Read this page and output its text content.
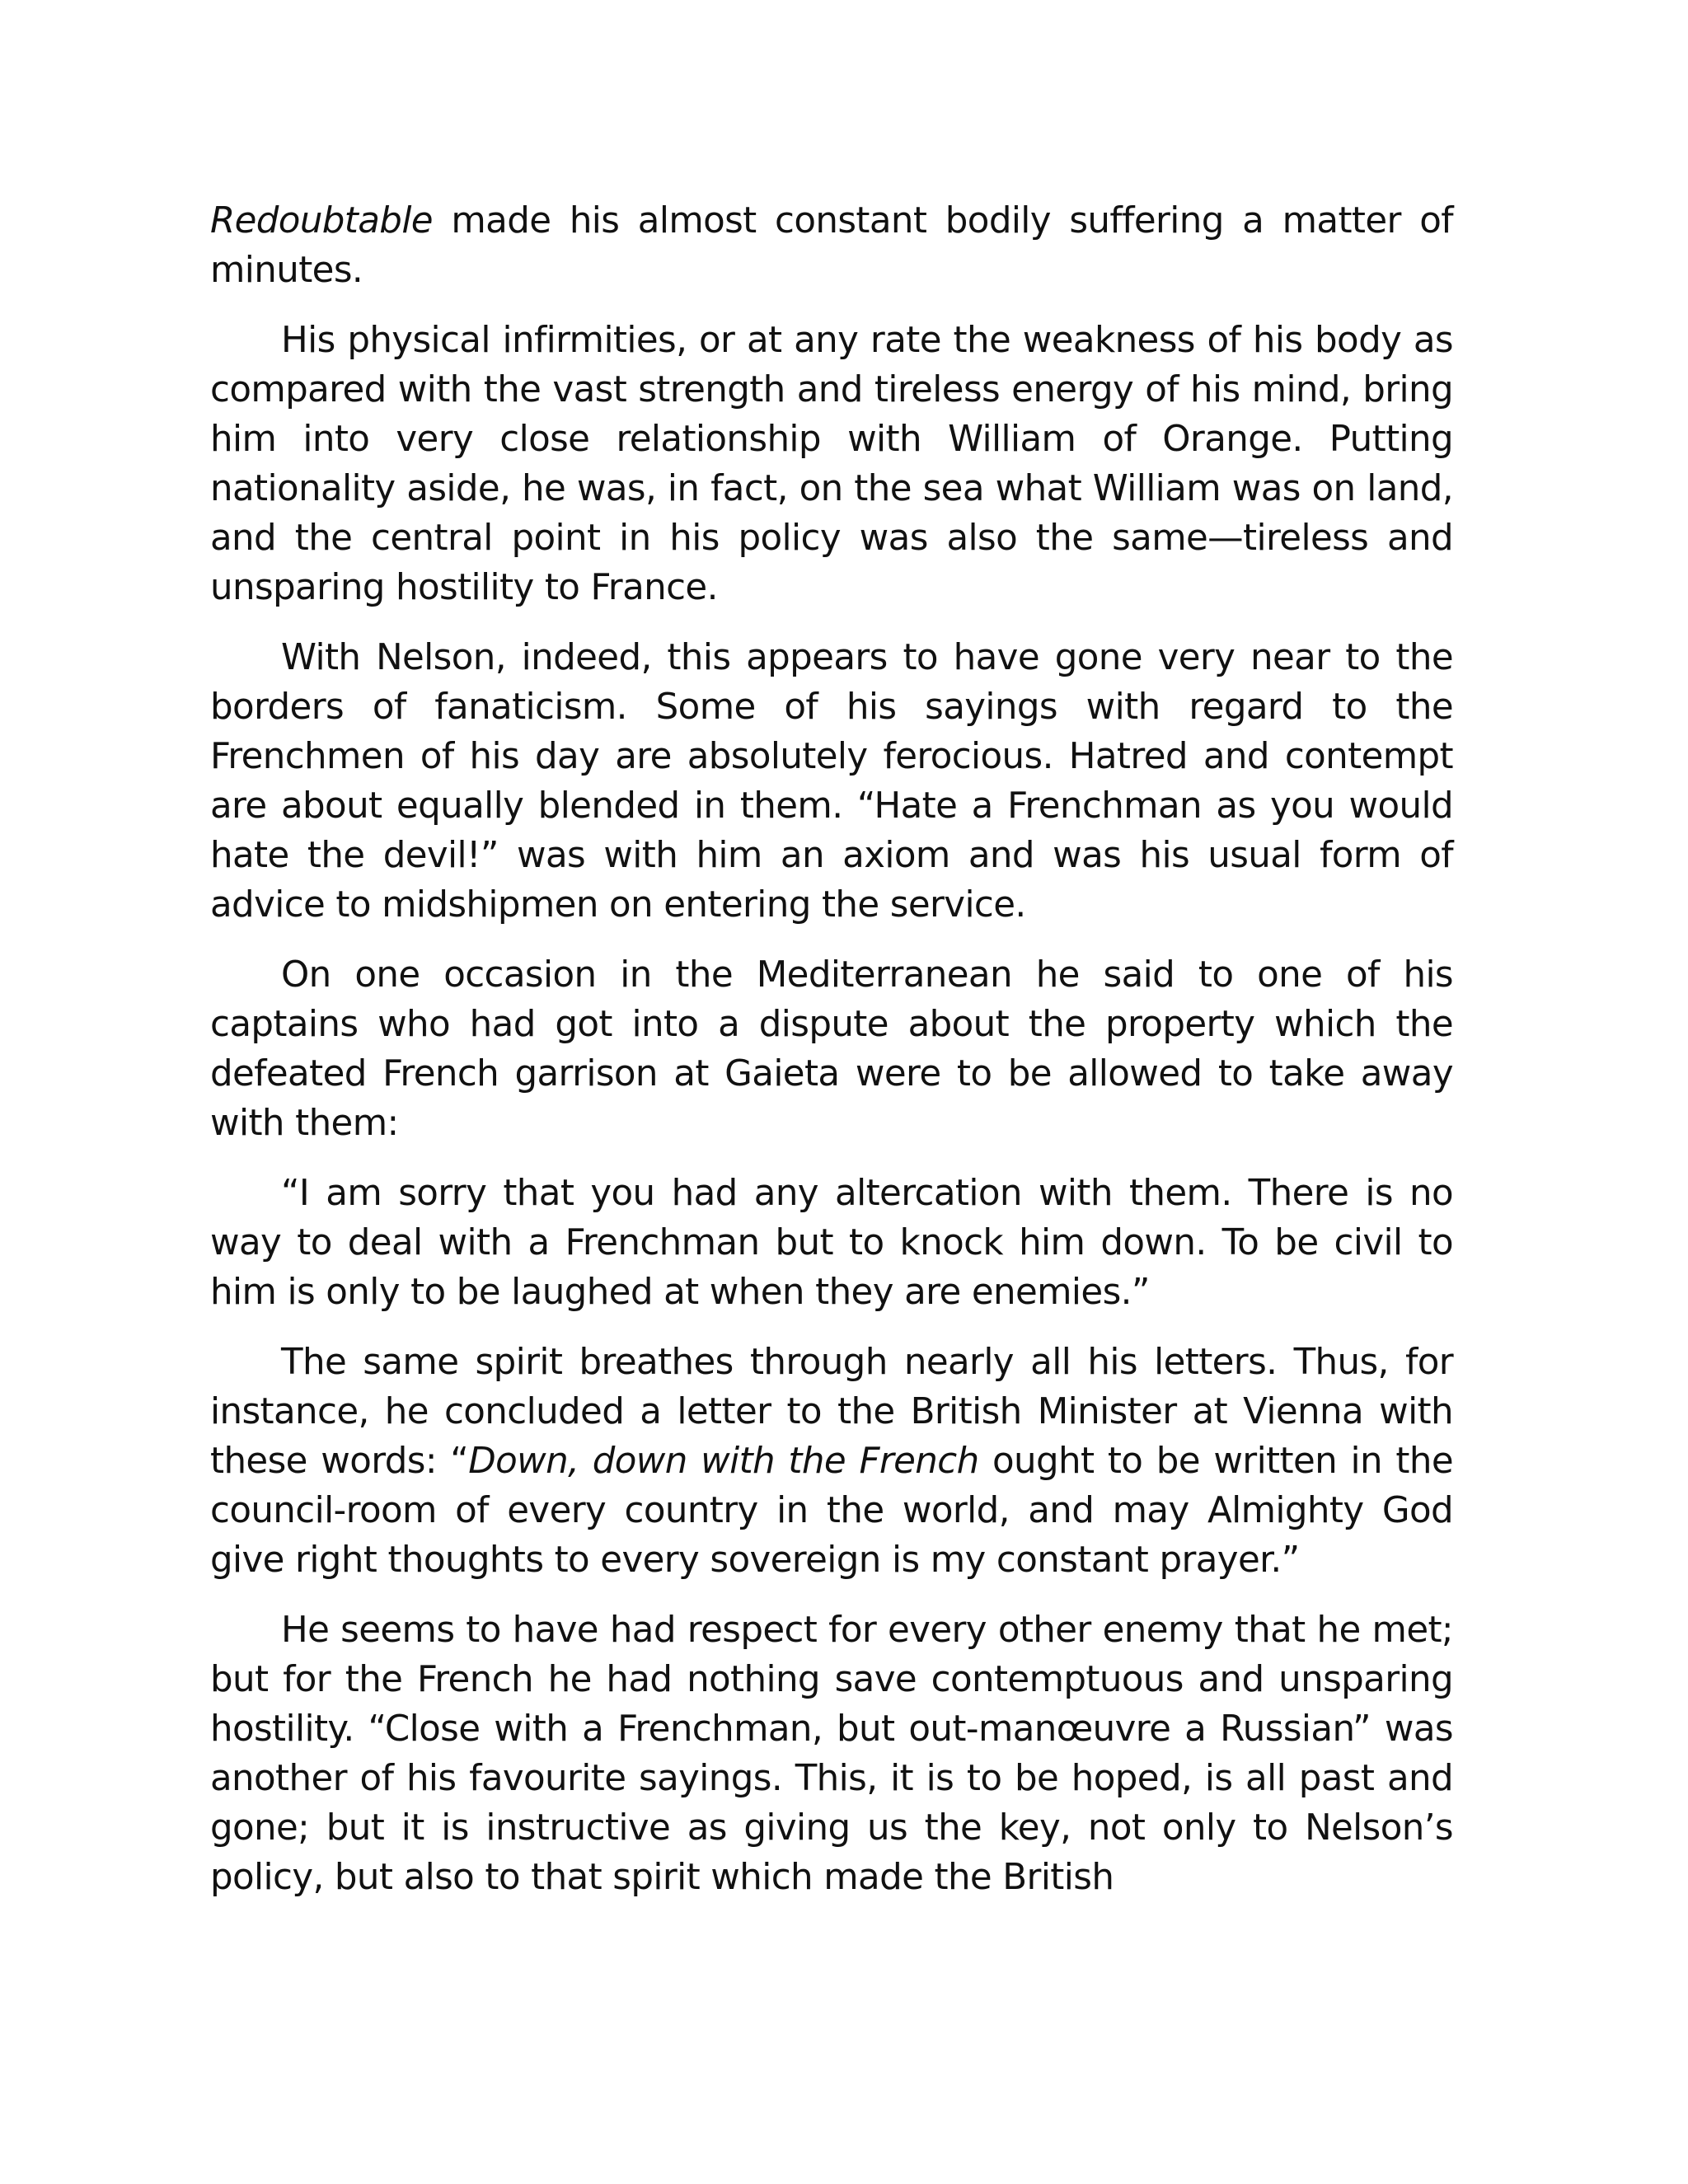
Redoubtable made his almost constant bodily suffering a matter of minutes.

His physical infirmities, or at any rate the weakness of his body as compared with the vast strength and tireless energy of his mind, bring him into very close relationship with William of Orange. Putting nationality aside, he was, in fact, on the sea what William was on land, and the central point in his policy was also the same—tireless and unsparing hostility to France.

With Nelson, indeed, this appears to have gone very near to the borders of fanaticism. Some of his sayings with regard to the Frenchmen of his day are absolutely ferocious. Hatred and contempt are about equally blended in them. “Hate a Frenchman as you would hate the devil!” was with him an axiom and was his usual form of advice to midshipmen on entering the service.

On one occasion in the Mediterranean he said to one of his captains who had got into a dispute about the property which the defeated French garrison at Gaieta were to be allowed to take away with them:

“I am sorry that you had any altercation with them. There is no way to deal with a Frenchman but to knock him down. To be civil to him is only to be laughed at when they are enemies.”

The same spirit breathes through nearly all his letters. Thus, for instance, he concluded a letter to the British Minister at Vienna with these words: “Down, down with the French ought to be written in the council-room of every country in the world, and may Almighty God give right thoughts to every sovereign is my constant prayer.”

He seems to have had respect for every other enemy that he met; but for the French he had nothing save contemptuous and unsparing hostility. “Close with a Frenchman, but out-manœuvre a Russian” was another of his favourite sayings. This, it is to be hoped, is all past and gone; but it is instructive as giving us the key, not only to Nelson’s policy, but also to that spirit which made the British
